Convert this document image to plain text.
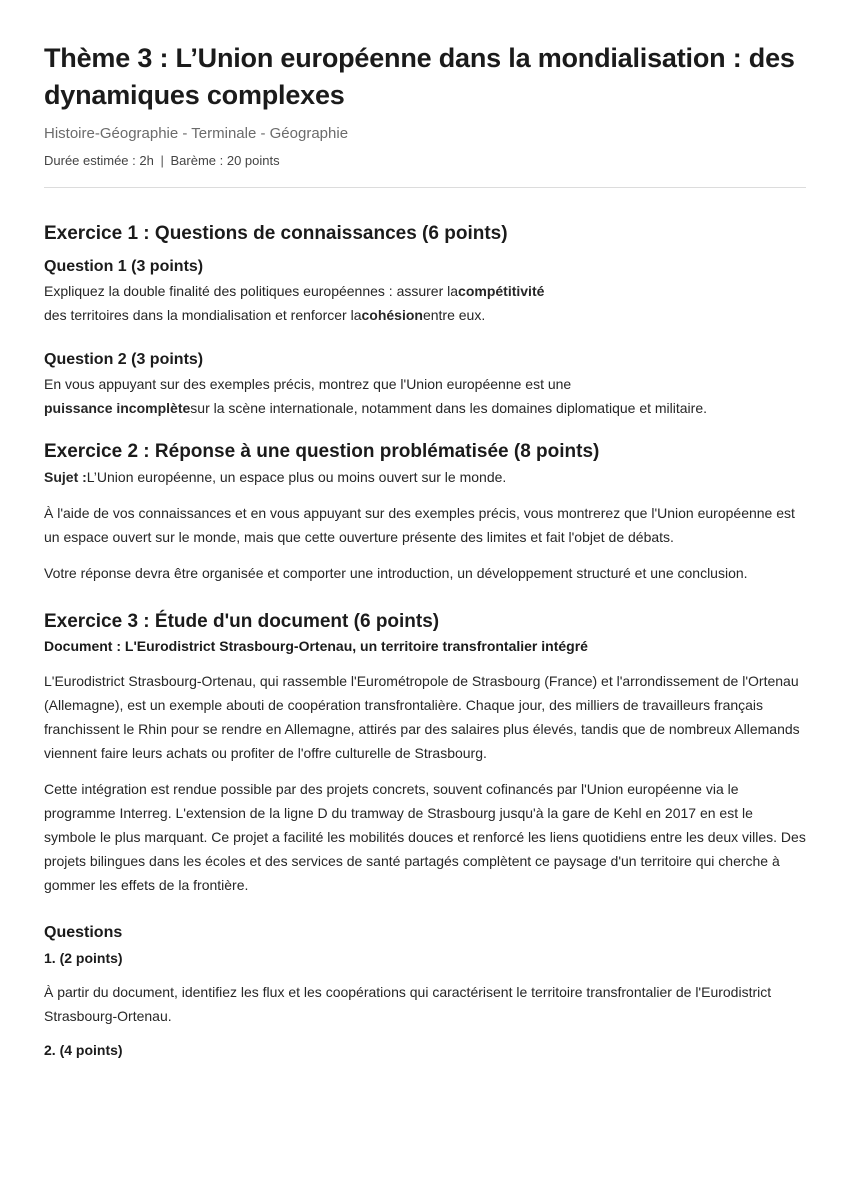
Thème 3 : L’Union européenne dans la mondialisation : des dynamiques complexes
Histoire-Géographie - Terminale - Géographie
Durée estimée : 2h | Barème : 20 points
Exercice 1 : Questions de connaissances (6 points)
Question 1 (3 points)

Expliquez la double finalité des politiques européennes : assurer lacompétitivité
des territoires dans la mondialisation et renforcer lacohésionentre eux.

Question 2 (3 points)

En vous appuyant sur des exemples précis, montrez que l'Union européenne est une
puissance incomplètesur la scène internationale, notamment dans les domaines diplomatique et militaire.

Exercice 2 : Réponse à une question problématisée (8 points)

Sujet :L’Union européenne, un espace plus ou moins ouvert sur le monde.

À l'aide de vos connaissances et en vous appuyant sur des exemples précis, vous montrerez que l'Union européenne est un espace ouvert sur le monde, mais que cette ouverture présente des limites et fait l'objet de débats.

Votre réponse devra être organisée et comporter une introduction, un développement structuré et une conclusion.

Exercice 3 : Étude d'un document (6 points)
Document : L'Eurodistrict Strasbourg-Ortenau, un territoire transfrontalier intégré

L'Eurodistrict Strasbourg-Ortenau, qui rassemble l'Eurométropole de Strasbourg (France) et l'arrondissement de l'Ortenau (Allemagne), est un exemple abouti de coopération transfrontalière. Chaque jour, des milliers de travailleurs français franchissent le Rhin pour se rendre en Allemagne, attirés par des salaires plus élevés, tandis que de nombreux Allemands viennent faire leurs achats ou profiter de l'offre culturelle de Strasbourg.

Cette intégration est rendue possible par des projets concrets, souvent cofinancés par l'Union européenne via le programme Interreg. L'extension de la ligne D du tramway de Strasbourg jusqu'à la gare de Kehl en 2017 en est le symbole le plus marquant. Ce projet a facilité les mobilités douces et renforcé les liens quotidiens entre les deux villes. Des projets bilingues dans les écoles et des services de santé partagés complètent ce paysage d'un territoire qui cherche à gommer les effets de la frontière.

Questions
1. (2 points)

À partir du document, identifiez les flux et les coopérations qui caractérisent le territoire transfrontalier de l'Eurodistrict Strasbourg-Ortenau.

2. (4 points)
